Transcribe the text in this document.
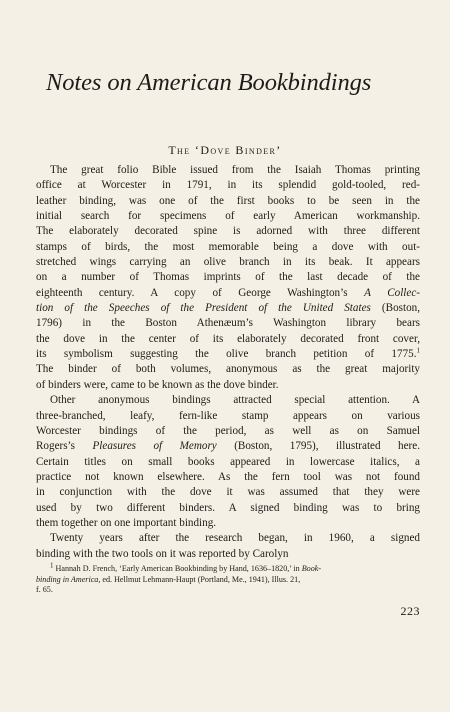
Notes on American Bookbindings
The ‘Dove Binder’
The great folio Bible issued from the Isaiah Thomas printing
office at Worcester in 1791, in its splendid gold-tooled, red-
leather binding, was one of the first books to be seen in the
initial search for specimens of early American workmanship.
The elaborately decorated spine is adorned with three different
stamps of birds, the most memorable being a dove with out-
stretched wings carrying an olive branch in its beak. It appears
on a number of Thomas imprints of the last decade of the
eighteenth century. A copy of George Washington’s A Collec-
tion of the Speeches of the President of the United States (Boston,
1796) in the Boston Athenæum’s Washington library bears
the dove in the center of its elaborately decorated front cover,
its symbolism suggesting the olive branch petition of 1775.$^1$
The binder of both volumes, anonymous as the great majority
of binders were, came to be known as the dove binder.
Other anonymous bindings attracted special attention. A
three-branched, leafy, fern-like stamp appears on various
Worcester bindings of the period, as well as on Samuel
Rogers’s Pleasures of Memory (Boston, 1795), illustrated here.
Certain titles on small books appeared in lowercase italics, a
practice not known elsewhere. As the fern tool was not found
in conjunction with the dove it was assumed that they were
used by two different binders. A signed binding was to bring
them together on one important binding.
Twenty years after the research began, in 1960, a signed
binding with the two tools on it was reported by Carolyn
$^1$ Hannah D. French, ‘Early American Bookbinding by Hand, 1636–1820,’ in Book-
binding in America, ed. Hellmut Lehmann-Haupt (Portland, Me., 1941), Illus. 21,
f. 65.
223
